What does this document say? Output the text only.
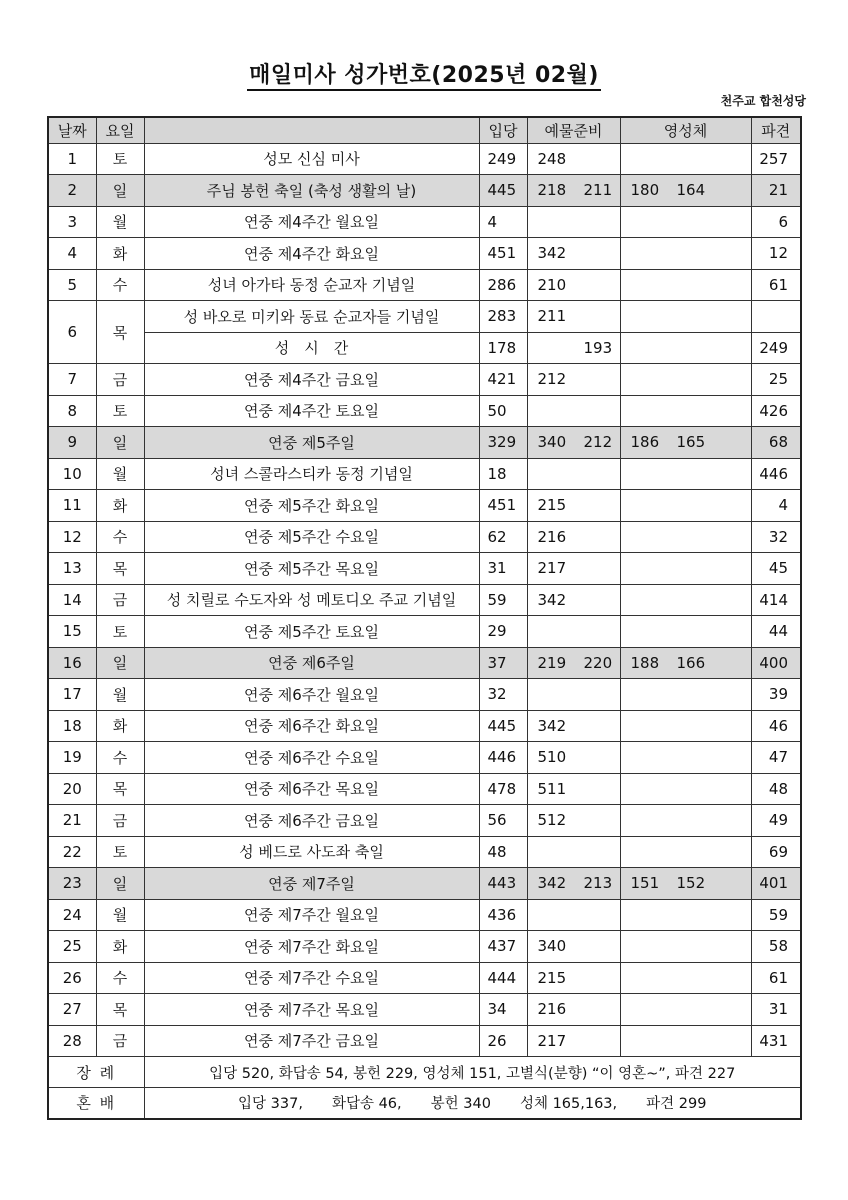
매일미사 성가번호(2025년 02월)
천주교 합천성당
날짜	요일		입당	예물준비	영성체	파견
1	토	성모 신심 미사	249	248		257
2	일	주님 봉헌 축일 (축성 생활의 날)	445	218 211	180 164	21
3	월	연중 제4주간 월요일	4			6
4	화	연중 제4주간 화요일	451	342		12
5	수	성녀 아가타 동정 순교자 기념일	286	210		61
6	목	성 바오로 미키와 동료 순교자들 기념일	283	211		
		성　시　간	178	193		249
7	금	연중 제4주간 금요일	421	212		25
8	토	연중 제4주간 토요일	50			426
9	일	연중 제5주일	329	340 212	186 165	68
10	월	성녀 스콜라스티카 동정 기념일	18			446
11	화	연중 제5주간 화요일	451	215		4
12	수	연중 제5주간 수요일	62	216		32
13	목	연중 제5주간 목요일	31	217		45
14	금	성 치릴로 수도자와 성 메토디오 주교 기념일	59	342		414
15	토	연중 제5주간 토요일	29			44
16	일	연중 제6주일	37	219 220	188 166	400
17	월	연중 제6주간 월요일	32			39
18	화	연중 제6주간 화요일	445	342		46
19	수	연중 제6주간 수요일	446	510		47
20	목	연중 제6주간 목요일	478	511		48
21	금	연중 제6주간 금요일	56	512		49
22	토	성 베드로 사도좌 축일	48			69
23	일	연중 제7주일	443	342 213	151 152	401
24	월	연중 제7주간 월요일	436			59
25	화	연중 제7주간 화요일	437	340		58
26	수	연중 제7주간 수요일	444	215		61
27	목	연중 제7주간 목요일	34	216		31
28	금	연중 제7주간 금요일	26	217		431
장 례		입당 520, 화답송 54, 봉헌 229, 영성체 151, 고별식(분향) “이 영혼~”, 파견 227				
혼 배		입당 337,　　화답송 46,　　봉헌 340　　성체 165,163,　　파견 299				
